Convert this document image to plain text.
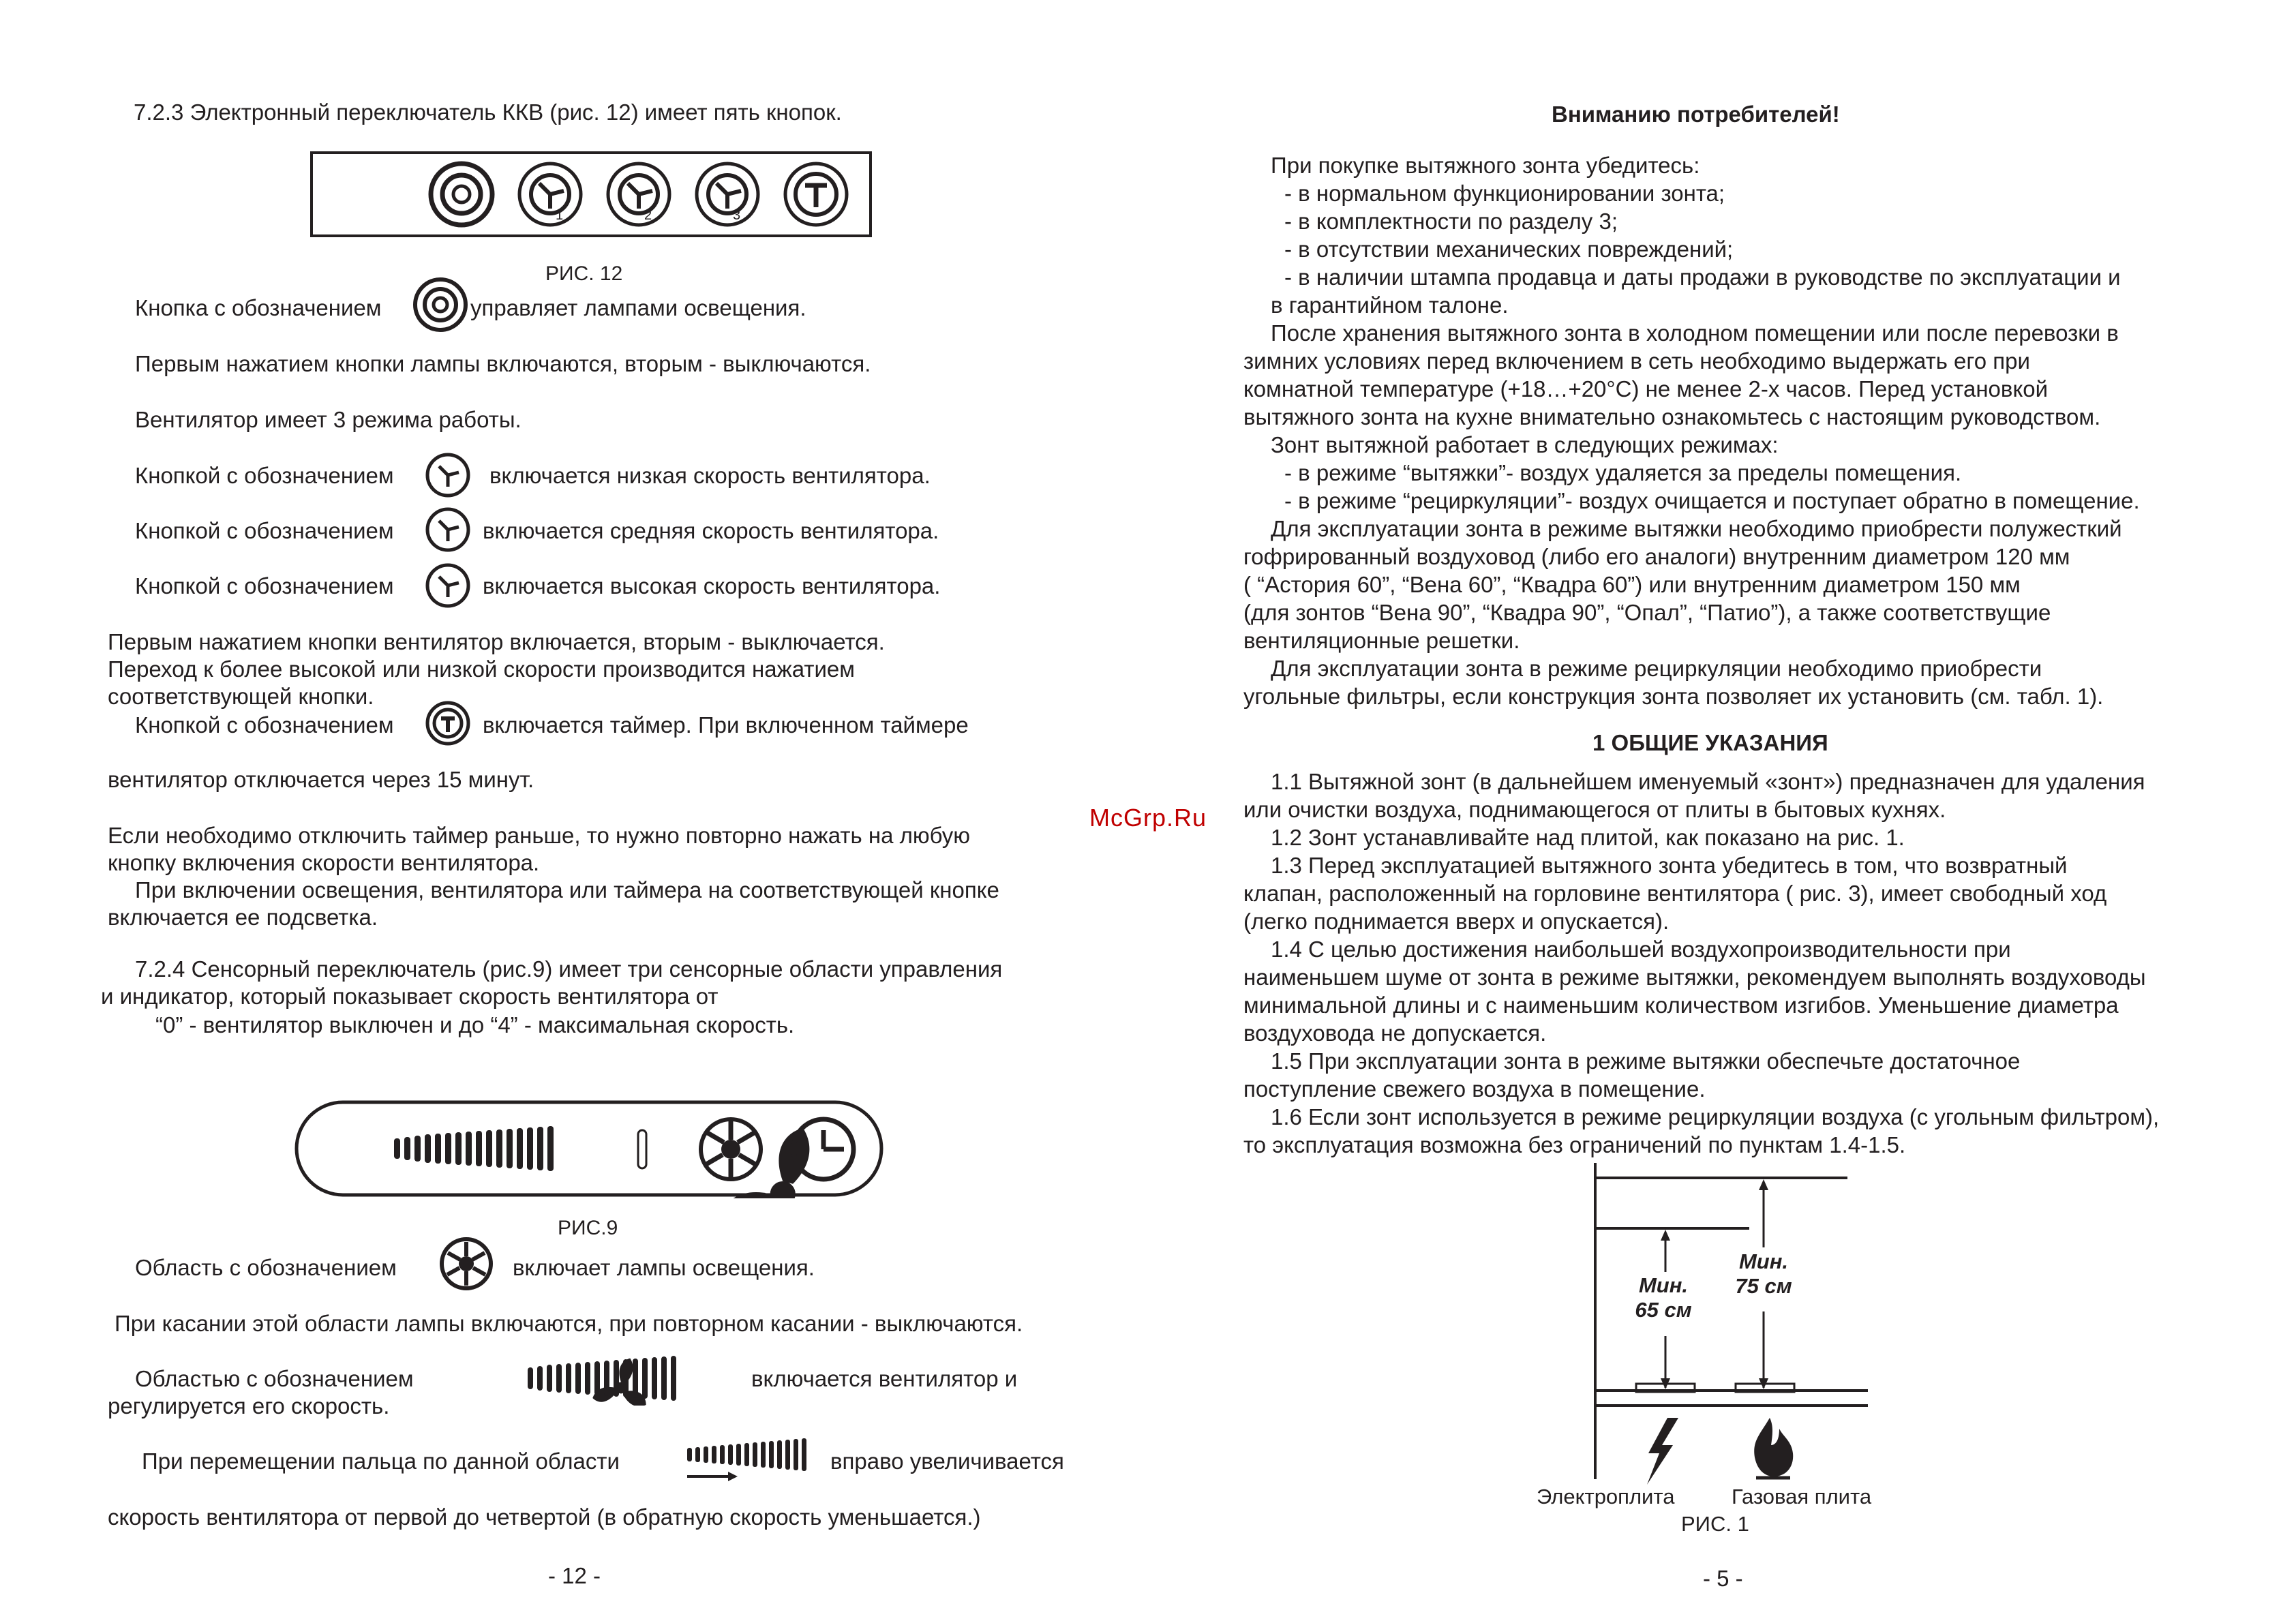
7.2.3 Электронный переключатель ККВ (рис. 12) имеет пять кнопок.
1	2	3
РИС. 12
Кнопка с обозначением	управляет лампами освещения.
Первым нажатием кнопки лампы включаются, вторым - выключаются.
Вентилятор имеет 3 режима работы.
Кнопкой с обозначением	включается низкая скорость вентилятора.
Кнопкой с обозначением	включается средняя скорость вентилятора.
Кнопкой с обозначением	включается высокая скорость вентилятора.
Первым нажатием кнопки вентилятор включается, вторым - выключается.
Переход к более высокой или низкой скорости производится нажатием
соответствующей кнопки.
Кнопкой с обозначением	включается таймер. При включенном таймере
вентилятор отключается через 15 минут.
Если необходимо отключить таймер раньше, то нужно повторно нажать на любую
кнопку включения скорости вентилятора.
При включении освещения, вентилятора или таймера на соответствующей кнопке
включается ее подсветка.
7.2.4 Сенсорный переключатель (рис.9) имеет три сенсорные области управления
и индикатор, который показывает скорость вентилятора от
“0” - вентилятор выключен и до “4” - максимальная скорость.
РИС.9
Область с обозначением	включает лампы освещения.
При касании этой области лампы включаются, при повторном касании - выключаются.
Областью с обозначением	включается вентилятор и
регулируется его скорость.
При перемещении пальца по данной области	вправо увеличивается
скорость вентилятора от первой до четвертой (в обратную скорость уменьшается.)
- 12 -
McGrp.Ru
Вниманию потребителей!
При покупке вытяжного зонта убедитесь:
- в нормальном функционировании зонта;
- в комплектности по разделу 3;
- в отсутствии механических повреждений;
- в наличии штампа продавца и даты продажи в руководстве по эксплуатации и
в гарантийном талоне.
После хранения вытяжного зонта в холодном помещении или после перевозки в
зимних условиях перед включением в сеть необходимо выдержать его при
комнатной температуре (+18…+20°С) не менее 2-х часов. Перед установкой
вытяжного зонта на кухне внимательно ознакомьтесь с настоящим руководством.
Зонт вытяжной работает в следующих режимах:
- в режиме “вытяжки”- воздух удаляется за пределы помещения.
- в режиме “рециркуляции”- воздух очищается и поступает обратно в помещение.
Для эксплуатации зонта в режиме вытяжки необходимо приобрести полужесткий
гофрированный воздуховод (либо его аналоги) внутренним диаметром 120 мм
( “Астория 60”, “Вена 60”, “Квадра 60”) или внутренним диаметром 150 мм
(для зонтов “Вена 90”, “Квадра 90”, “Опал”, “Патио”), а также соответствущие
вентиляционные решетки.
Для эксплуатации зонта в режиме рециркуляции необходимо приобрести
угольные фильтры, если конструкция зонта позволяет их установить (см. табл. 1).
1 ОБЩИЕ УКАЗАНИЯ
1.1 Вытяжной зонт (в дальнейшем именуемый «зонт») предназначен для удаления
или очистки воздуха, поднимающегося от плиты в бытовых кухнях.
1.2 Зонт устанавливайте над плитой, как показано на рис. 1.
1.3 Перед эксплуатацией вытяжного зонта убедитесь в том, что возвратный
клапан, расположенный на горловине вентилятора ( рис. 3), имеет свободный ход
(легко поднимается вверх и опускается).
1.4 С целью достижения наибольшей воздухопроизводительности при
наименьшем шуме от зонта в режиме вытяжки, рекомендуем выполнять воздуховоды
минимальной длины и с наименьшим количеством изгибов. Уменьшение диаметра
воздуховода не допускается.
1.5 При эксплуатации зонта в режиме вытяжки обеспечьте достаточное
поступление свежего воздуха в помещение.
1.6 Если зонт используется в режиме рециркуляции воздуха (с угольным фильтром),
то эксплуатация возможна без ограничений по пунктам 1.4-1.5.
Мин.
65 см
Мин.
75 см
Электроплита	Газовая плита
РИС. 1
- 5 -
